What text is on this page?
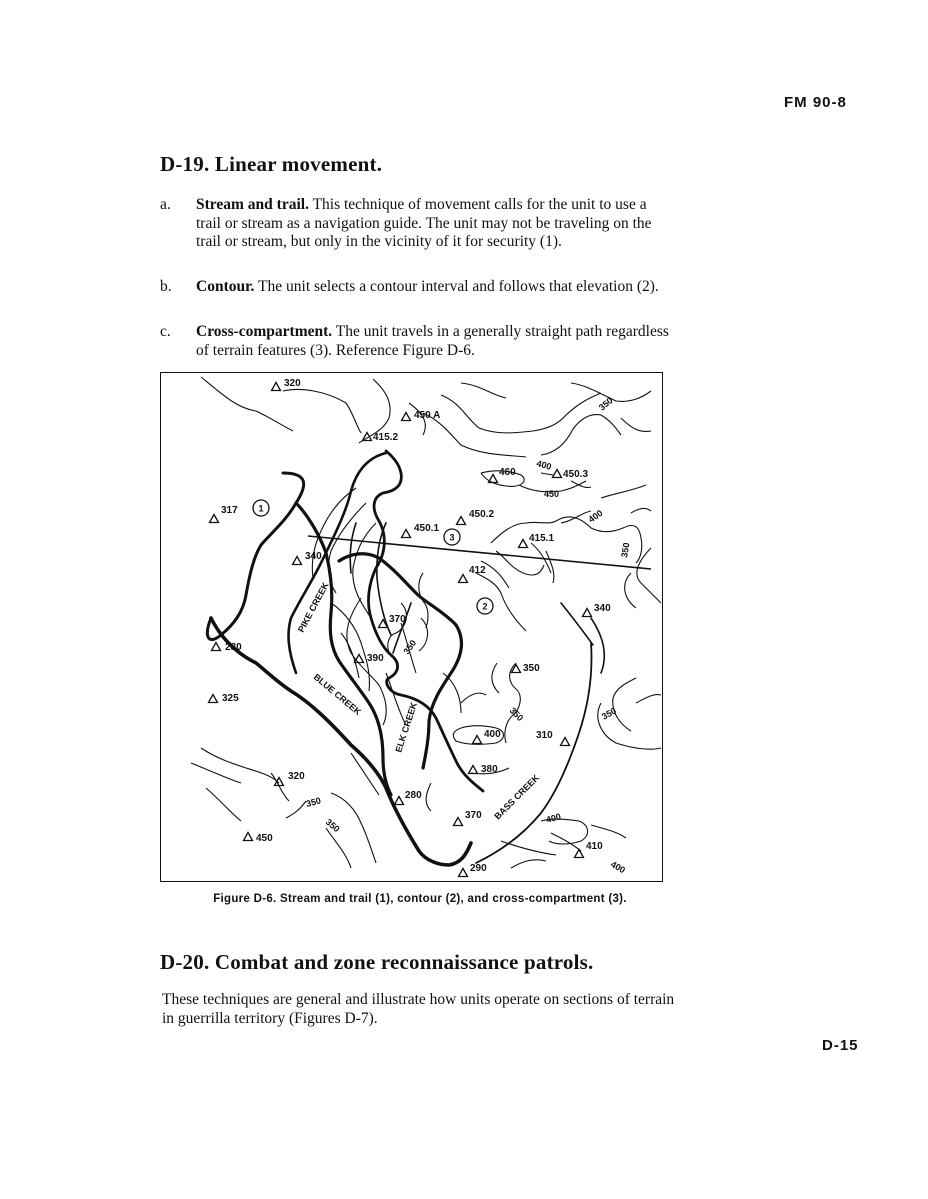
FM 90-8
D-19. Linear movement.
a. Stream and trail. This technique of movement calls for the unit to use a trail or stream as a navigation guide. The unit may not be traveling on the trail or stream, but only in the vicinity of it for security (1).
b. Contour. The unit selects a contour interval and follows that elevation (2).
c. Cross-compartment. The unit travels in a generally straight path regardless of terrain features (3). Reference Figure D-6.
320
450 A
415.2
460	450.3
317
450.1
450.2
415.1
340
412
370
390
280
325
350
400	310
380
280
370
320
450
290
410
340
350
400
450
400
350
350
350	350
350
350	400
400
PIKE CREEK
BLUE CREEK
ELK CREEK
BASS CREEK
1
2
3
Figure D-6. Stream and trail (1), contour (2), and cross-compartment (3).
D-20. Combat and zone reconnaissance patrols.
These techniques are general and illustrate how units operate on sections of terrain in guerrilla territory (Figures D-7).
D-15
